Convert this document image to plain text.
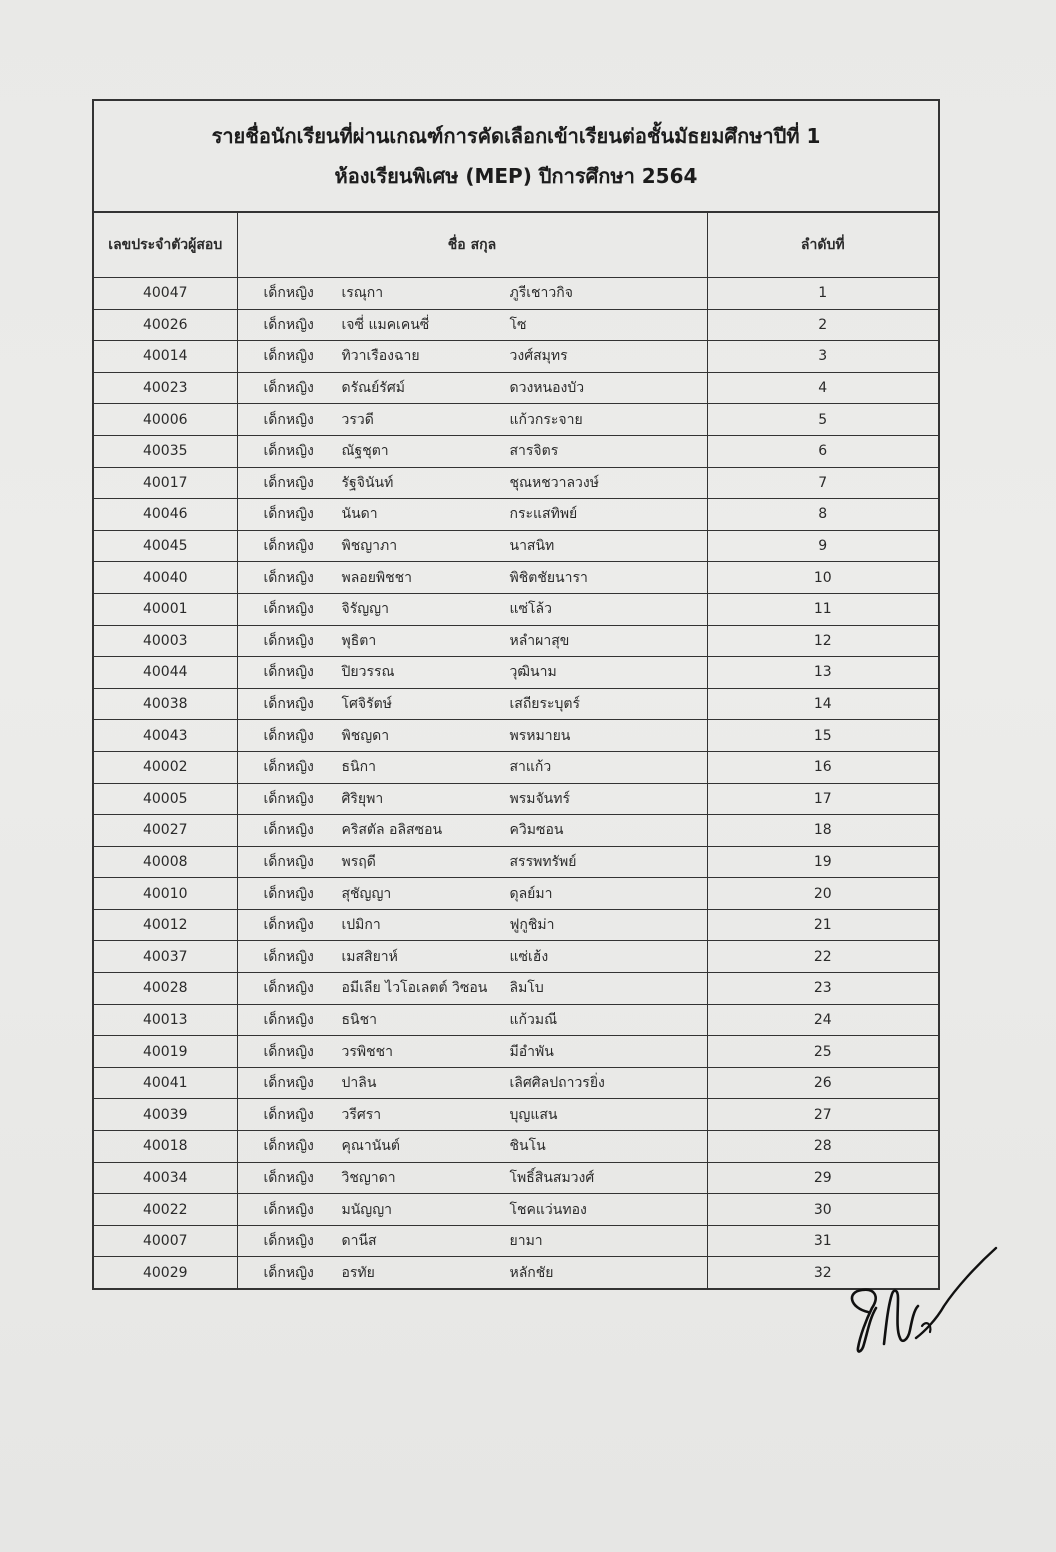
รายชื่อนักเรียนที่ผ่านเกณฑ์การคัดเลือกเข้าเรียนต่อชั้นมัธยมศึกษาปีที่ 1
ห้องเรียนพิเศษ (MEP) ปีการศึกษา 2564
เลขประจำตัวผู้สอบ	ชื่อ สกุล	ลำดับที่
40047	เด็กหญิง เรณุกา ภูรีเชาวกิจ	1
40026	เด็กหญิง เจซี่ แมคเคนซี่ โซ	2
40014	เด็กหญิง ทิวาเรืองฉาย วงศ์สมุทร	3
40023	เด็กหญิง ดรัณย์รัศม์ ดวงหนองบัว	4
40006	เด็กหญิง วรวดี แก้วกระจาย	5
40035	เด็กหญิง ณัฐชุตา สารจิตร	6
40017	เด็กหญิง รัฐจินันท์ ชุณหชวาลวงษ์	7
40046	เด็กหญิง นันดา กระแสทิพย์	8
40045	เด็กหญิง พิชญาภา นาสนิท	9
40040	เด็กหญิง พลอยพิชชา พิชิตชัยนารา	10
40001	เด็กหญิง จิรัญญา แซ่โล้ว	11
40003	เด็กหญิง พุธิตา หลำผาสุข	12
40044	เด็กหญิง ปิยวรรณ วุฒินาม	13
40038	เด็กหญิง โศจิรัตษ์ เสถียระบุตร์	14
40043	เด็กหญิง พิชญดา พรหมายน	15
40002	เด็กหญิง ธนิกา สาแก้ว	16
40005	เด็กหญิง ศิริยุพา พรมจันทร์	17
40027	เด็กหญิง คริสตัล อลิสซอน ควิมซอน	18
40008	เด็กหญิง พรฤดี สรรพทรัพย์	19
40010	เด็กหญิง สุชัญญา ดุลย์มา	20
40012	เด็กหญิง เปมิกา ฟูกูชิม่า	21
40037	เด็กหญิง เมสสิยาห์ แซ่เฮ้ง	22
40028	เด็กหญิง อมีเลีย ไวโอเลตต์ วิซอน ลิมโบ	23
40013	เด็กหญิง ธนิชา แก้วมณี	24
40019	เด็กหญิง วรพิชชา มีอำพัน	25
40041	เด็กหญิง ปาลิน เลิศศิลปถาวรยิ่ง	26
40039	เด็กหญิง วรีศรา บุญแสน	27
40018	เด็กหญิง คุณานันต์ ชินโน	28
40034	เด็กหญิง วิชญาดา โพธิ์สินสมวงศ์	29
40022	เด็กหญิง มนัญญา โชคแว่นทอง	30
40007	เด็กหญิง ดานีส ยามา	31
40029	เด็กหญิง อรทัย หลักชัย	32
